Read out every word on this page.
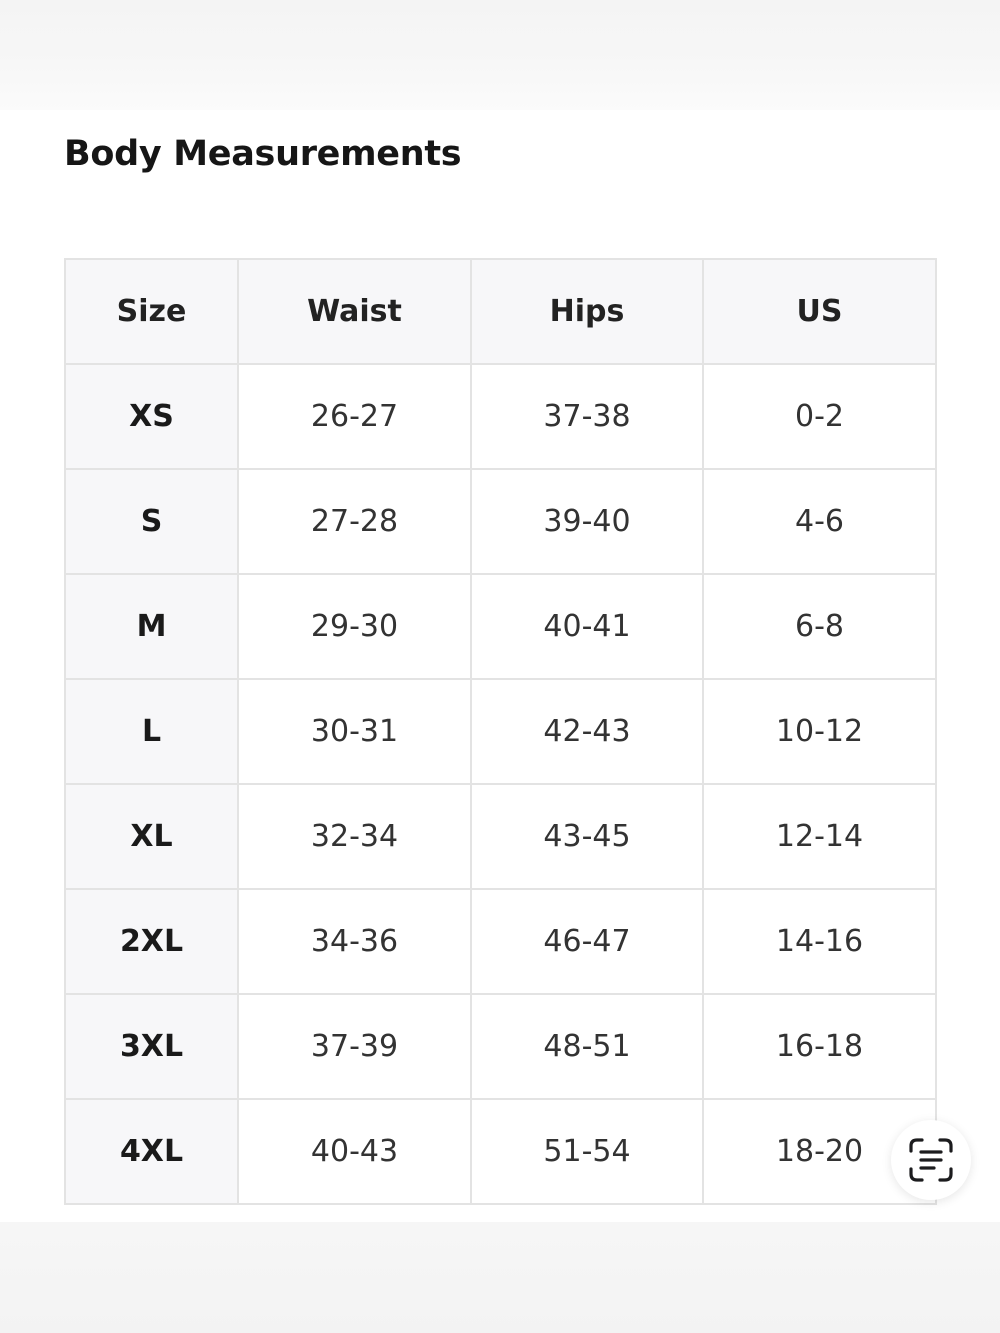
Body Measurements
Size	Waist	Hips	US
XS	26-27	37-38	0-2
S	27-28	39-40	4-6
M	29-30	40-41	6-8
L	30-31	42-43	10-12
XL	32-34	43-45	12-14
2XL	34-36	46-47	14-16
3XL	37-39	48-51	16-18
4XL	40-43	51-54	18-20
